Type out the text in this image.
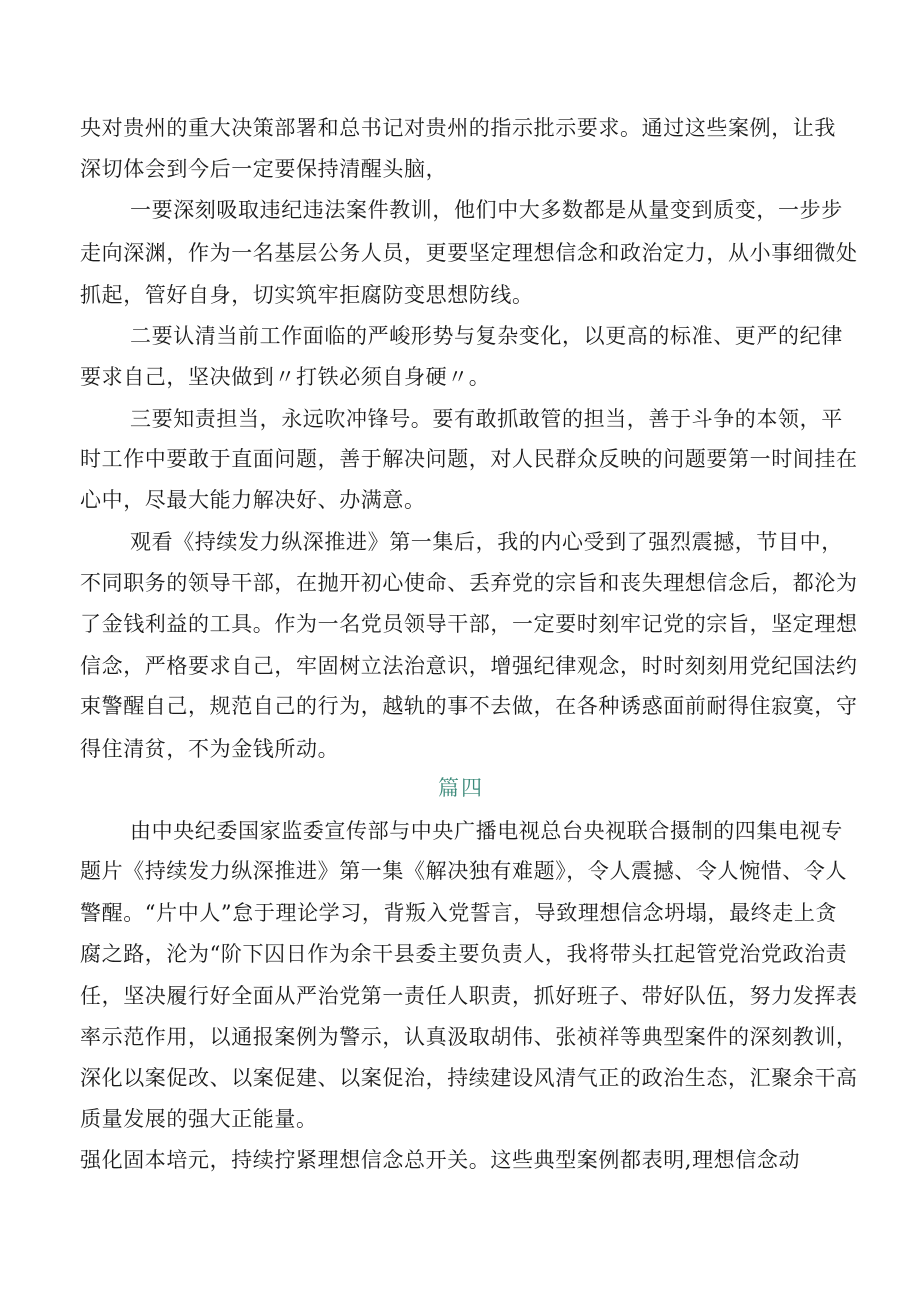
央对贵州的重大决策部署和总书记对贵州的指示批示要求。通过这些案例，让我
深切体会到今后一定要保持清醒头脑，
一要深刻吸取违纪违法案件教训，他们中大多数都是从量变到质变，一步步
走向深渊，作为一名基层公务人员，更要坚定理想信念和政治定力，从小事细微处
抓起，管好自身，切实筑牢拒腐防变思想防线。
二要认清当前工作面临的严峻形势与复杂变化，以更高的标准、更严的纪律
要求自己，坚决做到〃打铁必须自身硬〃。
三要知责担当，永远吹冲锋号。要有敢抓敢管的担当，善于斗争的本领，平
时工作中要敢于直面问题，善于解决问题，对人民群众反映的问题要第一时间挂在
心中，尽最大能力解决好、办满意。
观看《持续发力纵深推进》第一集后，我的内心受到了强烈震撼，节目中，
不同职务的领导干部，在抛开初心使命、丢弃党的宗旨和丧失理想信念后，都沦为
了金钱利益的工具。作为一名党员领导干部，一定要时刻牢记党的宗旨，坚定理想
信念，严格要求自己，牢固树立法治意识，增强纪律观念，时时刻刻用党纪国法约
束警醒自己，规范自己的行为，越轨的事不去做，在各种诱惑面前耐得住寂寞，守
得住清贫，不为金钱所动。
篇四
由中央纪委国家监委宣传部与中央广播电视总台央视联合摄制的四集电视专
题片《持续发力纵深推进》第一集《解决独有难题》，令人震撼、令人惋惜、令人
警醒。“片中人”怠于理论学习，背叛入党誓言，导致理想信念坍塌，最终走上贪
腐之路，沦为“阶下囚日作为余干县委主要负责人，我将带头扛起管党治党政治责
任，坚决履行好全面从严治党第一责任人职责，抓好班子、带好队伍，努力发挥表
率示范作用，以通报案例为警示，认真汲取胡伟、张祯祥等典型案件的深刻教训，
深化以案促改、以案促建、以案促治，持续建设风清气正的政治生态，汇聚余干高
质量发展的强大正能量。
强化固本培元，持续拧紧理想信念总开关。这些典型案例都表明,理想信念动
